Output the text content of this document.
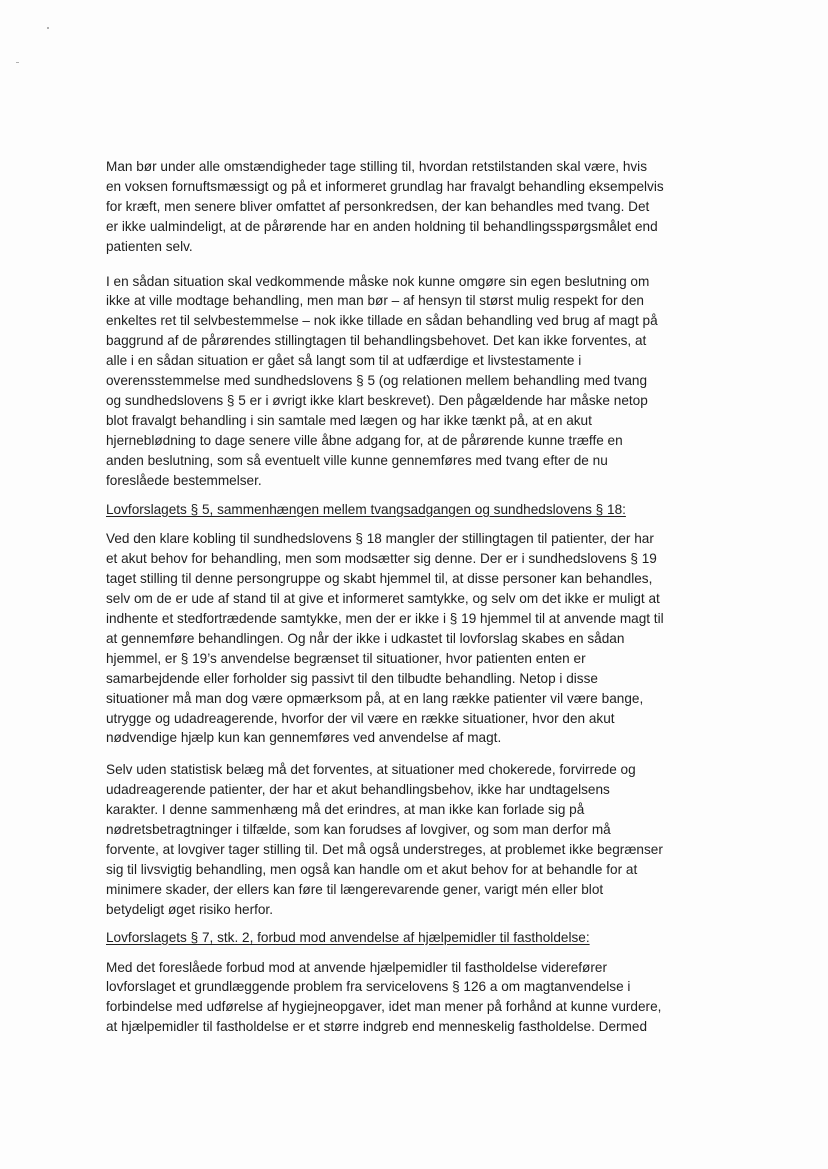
Man bør under alle omstændigheder tage stilling til, hvordan retstilstanden skal være, hvis
en voksen fornuftsmæssigt og på et informeret grundlag har fravalgt behandling eksempelvis
for kræft, men senere bliver omfattet af personkredsen, der kan behandles med tvang. Det
er ikke ualmindeligt, at de pårørende har en anden holdning til behandlingsspørgsmålet end
patienten selv.

I en sådan situation skal vedkommende måske nok kunne omgøre sin egen beslutning om
ikke at ville modtage behandling, men man bør – af hensyn til størst mulig respekt for den
enkeltes ret til selvbestemmelse – nok ikke tillade en sådan behandling ved brug af magt på
baggrund af de pårørendes stillingtagen til behandlingsbehovet. Det kan ikke forventes, at
alle i en sådan situation er gået så langt som til at udfærdige et livstestamente i
overensstemmelse med sundhedslovens § 5 (og relationen mellem behandling med tvang
og sundhedslovens § 5 er i øvrigt ikke klart beskrevet). Den pågældende har måske netop
blot fravalgt behandling i sin samtale med lægen og har ikke tænkt på, at en akut
hjerneblødning to dage senere ville åbne adgang for, at de pårørende kunne træffe en
anden beslutning, som så eventuelt ville kunne gennemføres med tvang efter de nu
foreslåede bestemmelser.

Lovforslagets § 5, sammenhængen mellem tvangsadgangen og sundhedslovens § 18:

Ved den klare kobling til sundhedslovens § 18 mangler der stillingtagen til patienter, der har
et akut behov for behandling, men som modsætter sig denne. Der er i sundhedslovens § 19
taget stilling til denne persongruppe og skabt hjemmel til, at disse personer kan behandles,
selv om de er ude af stand til at give et informeret samtykke, og selv om det ikke er muligt at
indhente et stedfortrædende samtykke, men der er ikke i § 19 hjemmel til at anvende magt til
at gennemføre behandlingen. Og når der ikke i udkastet til lovforslag skabes en sådan
hjemmel, er § 19’s anvendelse begrænset til situationer, hvor patienten enten er
samarbejdende eller forholder sig passivt til den tilbudte behandling. Netop i disse
situationer må man dog være opmærksom på, at en lang række patienter vil være bange,
utrygge og udadreagerende, hvorfor der vil være en række situationer, hvor den akut
nødvendige hjælp kun kan gennemføres ved anvendelse af magt.

Selv uden statistisk belæg må det forventes, at situationer med chokerede, forvirrede og
udadreagerende patienter, der har et akut behandlingsbehov, ikke har undtagelsens
karakter. I denne sammenhæng må det erindres, at man ikke kan forlade sig på
nødretsbetragtninger i tilfælde, som kan forudses af lovgiver, og som man derfor må
forvente, at lovgiver tager stilling til. Det må også understreges, at problemet ikke begrænser
sig til livsvigtig behandling, men også kan handle om et akut behov for at behandle for at
minimere skader, der ellers kan føre til længerevarende gener, varigt mén eller blot
betydeligt øget risiko herfor.

Lovforslagets § 7, stk. 2, forbud mod anvendelse af hjælpemidler til fastholdelse:

Med det foreslåede forbud mod at anvende hjælpemidler til fastholdelse viderefører
lovforslaget et grundlæggende problem fra servicelovens § 126 a om magtanvendelse i
forbindelse med udførelse af hygiejneopgaver, idet man mener på forhånd at kunne vurdere,
at hjælpemidler til fastholdelse er et større indgreb end menneskelig fastholdelse. Dermed
